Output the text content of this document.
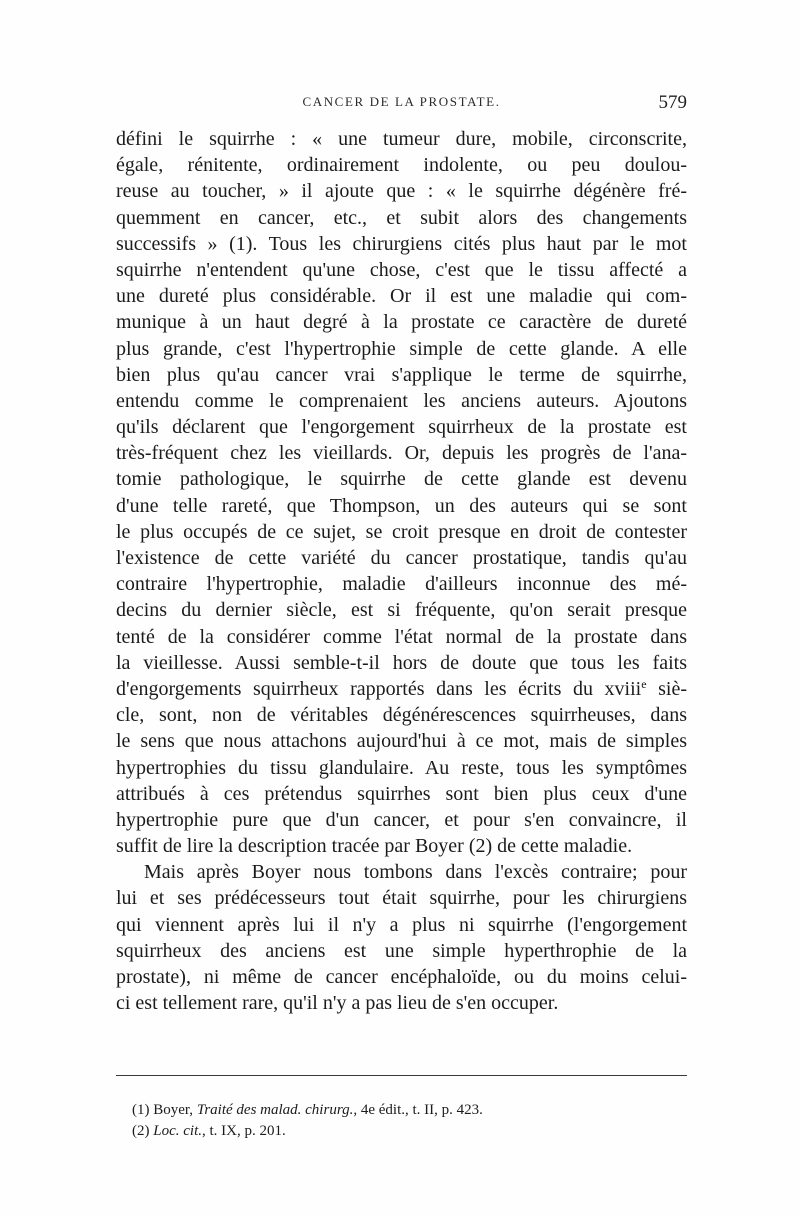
CANCER DE LA PROSTATE.	579
défini le squirrhe : « une tumeur dure, mobile, circonscrite,
égale, rénitente, ordinairement indolente, ou peu doulou-
reuse au toucher, » il ajoute que : « le squirrhe dégénère fré-
quemment en cancer, etc., et subit alors des changements
successifs » (1). Tous les chirurgiens cités plus haut par le mot
squirrhe n'entendent qu'une chose, c'est que le tissu affecté a
une dureté plus considérable. Or il est une maladie qui com-
munique à un haut degré à la prostate ce caractère de dureté
plus grande, c'est l'hypertrophie simple de cette glande. A elle
bien plus qu'au cancer vrai s'applique le terme de squirrhe,
entendu comme le comprenaient les anciens auteurs. Ajoutons
qu'ils déclarent que l'engorgement squirrheux de la prostate est
très-fréquent chez les vieillards. Or, depuis les progrès de l'ana-
tomie pathologique, le squirrhe de cette glande est devenu
d'une telle rareté, que Thompson, un des auteurs qui se sont
le plus occupés de ce sujet, se croit presque en droit de contester
l'existence de cette variété du cancer prostatique, tandis qu'au
contraire l'hypertrophie, maladie d'ailleurs inconnue des mé-
decins du dernier siècle, est si fréquente, qu'on serait presque
tenté de la considérer comme l'état normal de la prostate dans
la vieillesse. Aussi semble-t-il hors de doute que tous les faits
d'engorgements squirrheux rapportés dans les écrits du xviii$^e$ siè-
cle, sont, non de véritables dégénérescences squirrheuses, dans
le sens que nous attachons aujourd'hui à ce mot, mais de simples
hypertrophies du tissu glandulaire. Au reste, tous les symptômes
attribués à ces prétendus squirrhes sont bien plus ceux d'une
hypertrophie pure que d'un cancer, et pour s'en convaincre, il
suffit de lire la description tracée par Boyer (2) de cette maladie.
Mais après Boyer nous tombons dans l'excès contraire; pour
lui et ses prédécesseurs tout était squirrhe, pour les chirurgiens
qui viennent après lui il n'y a plus ni squirrhe (l'engorgement
squirrheux des anciens est une simple hyperthrophie de la
prostate), ni même de cancer encéphaloïde, ou du moins celui-
ci est tellement rare, qu'il n'y a pas lieu de s'en occuper.
(1) Boyer, Traité des malad. chirurg., 4e édit., t. II, p. 423.
(2) Loc. cit., t. IX, p. 201.
